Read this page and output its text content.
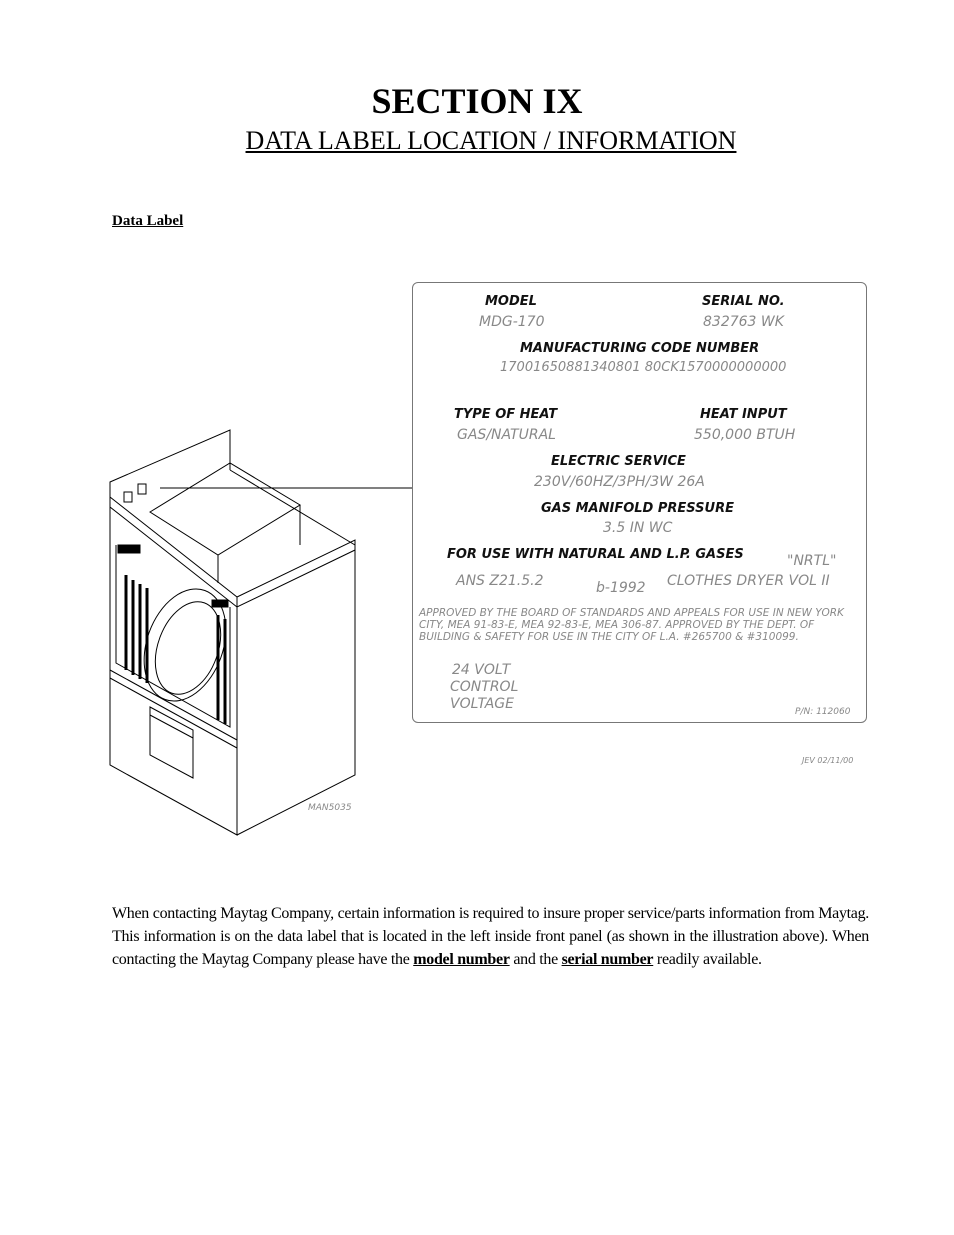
SECTION IX
DATA LABEL LOCATION / INFORMATION
Data Label
MAN5035
JEV 02/11/00
MODEL
MDG-170
SERIAL NO.
832763 WK
MANUFACTURING CODE NUMBER
17001650881340801 80CK1570000000000
TYPE OF HEAT
GAS/NATURAL
HEAT INPUT
550,000 BTUH
ELECTRIC SERVICE
230V/60HZ/3PH/3W 26A
GAS MANIFOLD PRESSURE
3.5 IN WC
FOR USE WITH NATURAL AND L.P. GASES	"NRTL"
ANS Z21.5.2	b-1992 CLOTHES DRYER VOL II
APPROVED BY THE BOARD OF STANDARDS AND APPEALS FOR USE IN NEW YORK
CITY, MEA 91-83-E, MEA 92-83-E, MEA 306-87. APPROVED BY THE DEPT. OF
BUILDING & SAFETY FOR USE IN THE CITY OF L.A. #265700 & #310099.
24 VOLT
CONTROL
VOLTAGE	P/N: 112060
When contacting Maytag Company, certain information is required to insure proper service/parts information from Maytag. This information is on the data label that is located in the left inside front panel (as shown in the illustration above). When contacting the Maytag Company please have the model number and the serial number readily available.
